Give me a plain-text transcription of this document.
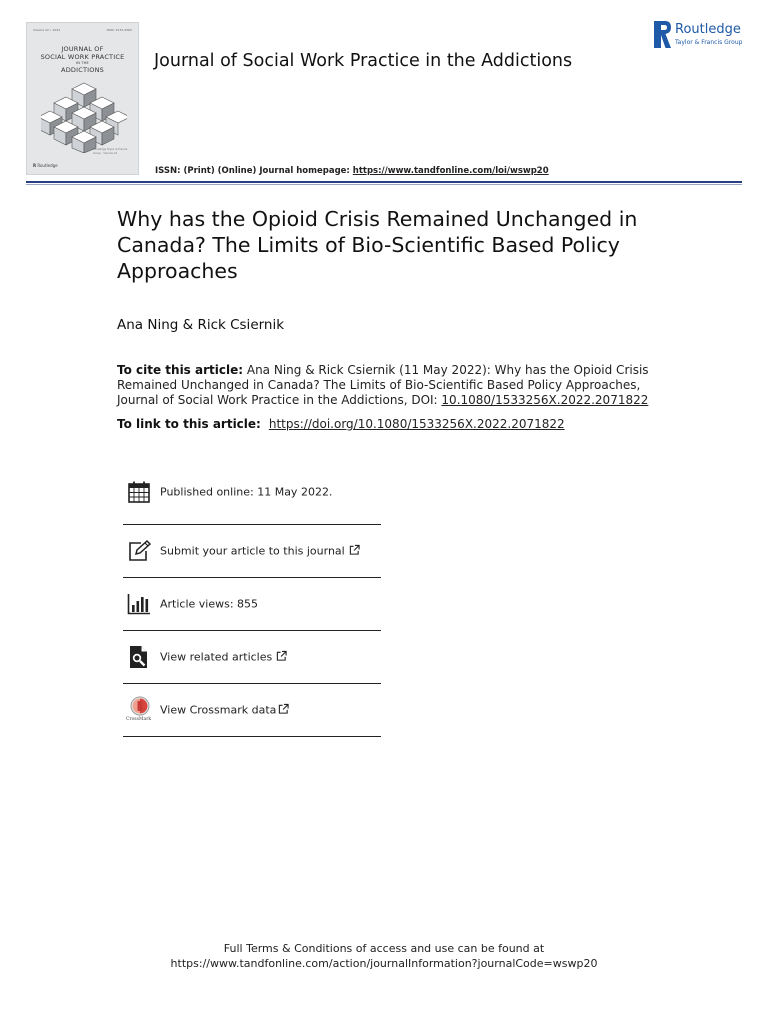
Volume 22 • 2022	ISSN: 1533-256X
JOURNAL OF
SOCIAL WORK PRACTICE
IN THE
ADDICTIONS
Routledge Taylor & Francis Group · Volume 22
R Routledge
Journal of Social Work Practice in the Addictions
Routledge
Taylor & Francis Group
ISSN: (Print) (Online) Journal homepage: https://www.tandfonline.com/loi/wswp20
Why has the Opioid Crisis Remained Unchanged in Canada? The Limits of Bio-Scientific Based Policy Approaches
Ana Ning & Rick Csiernik
To cite this article: Ana Ning & Rick Csiernik (11 May 2022): Why has the Opioid Crisis Remained Unchanged in Canada? The Limits of Bio-Scientific Based Policy Approaches, Journal of Social Work Practice in the Addictions, DOI: 10.1080/1533256X.2022.2071822
To link to this article:  https://doi.org/10.1080/1533256X.2022.2071822
Published online: 11 May 2022.
Submit your article to this journal
Article views: 855
View related articles
CrossMark
View Crossmark data
Full Terms & Conditions of access and use can be found at
https://www.tandfonline.com/action/journalInformation?journalCode=wswp20
